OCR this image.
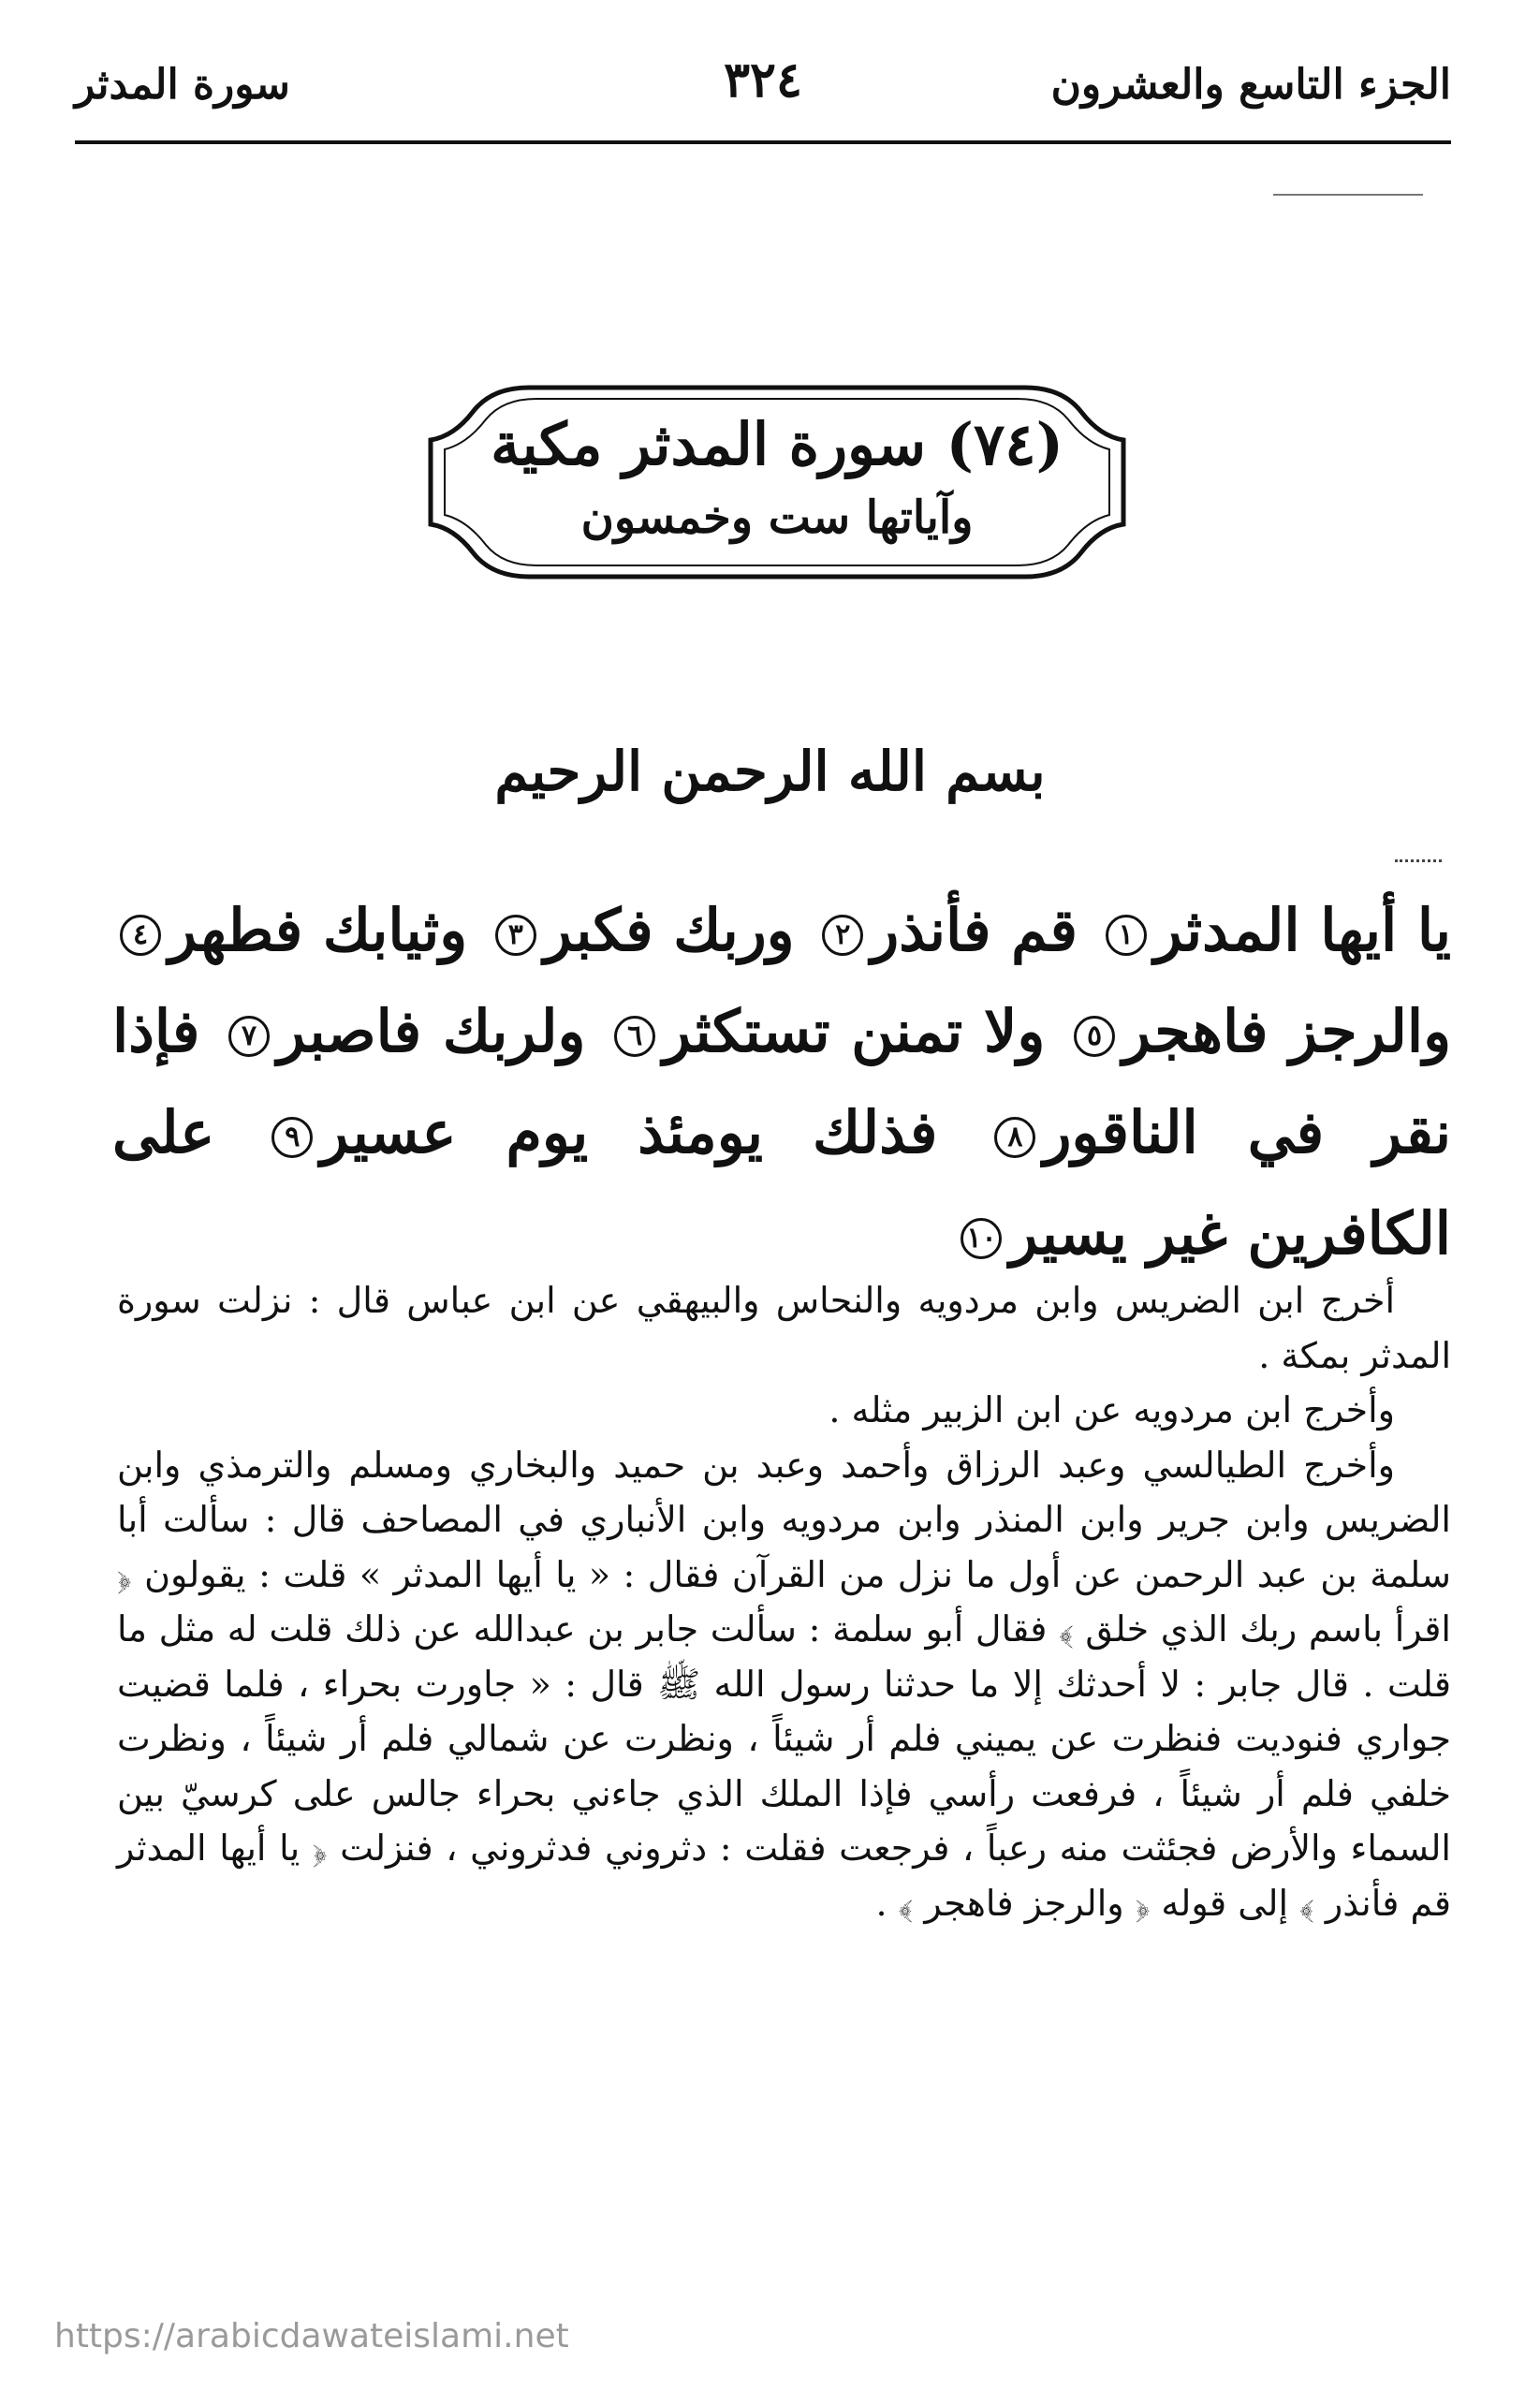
الجزء التاسع والعشرون
٣٢٤
سورة المدثر
(٧٤) سورة المدثر مكية
وآياتها ست وخمسون
بسم الله الرحمن الرحيم
يا أيها المدثر١ قم فأنذر٢ وربك فكبر٣ وثيابك فطهر٤ والرجز فاهجر٥ ولا تمنن تستكثر٦ ولربك فاصبر٧ فإذا نقر في الناقور٨ فذلك يومئذ يوم عسير٩ على الكافرين غير يسير١٠

أخرج ابن الضريس وابن مردويه والنحاس والبيهقي عن ابن عباس قال : نزلت سورة المدثر بمكة .

وأخرج ابن مردويه عن ابن الزبير مثله .

وأخرج الطيالسي وعبد الرزاق وأحمد وعبد بن حميد والبخاري ومسلم والترمذي وابن الضريس وابن جرير وابن المنذر وابن مردويه وابن الأنباري في المصاحف قال : سألت أبا سلمة بن عبد الرحمن عن أول ما نزل من القرآن فقال : « يا أيها المدثر » قلت : يقولون ﴿ اقرأ باسم ربك الذي خلق ﴾ فقال أبو سلمة : سألت جابر بن عبدالله عن ذلك قلت له مثل ما قلت . قال جابر : لا أحدثك إلا ما حدثنا رسول الله ﷺ قال : « جاورت بحراء ، فلما قضيت جواري فنوديت فنظرت عن يميني فلم أر شيئاً ، ونظرت عن شمالي فلم أر شيئاً ، ونظرت خلفي فلم أر شيئاً ، فرفعت رأسي فإذا الملك الذي جاءني بحراء جالس على كرسيّ بين السماء والأرض فجئثت منه رعباً ، فرجعت فقلت : دثروني فدثروني ، فنزلت ﴿ يا أيها المدثر قم فأنذر ﴾ إلى قوله ﴿ والرجز فاهجر ﴾ .

https://arabicdawateislami.net
